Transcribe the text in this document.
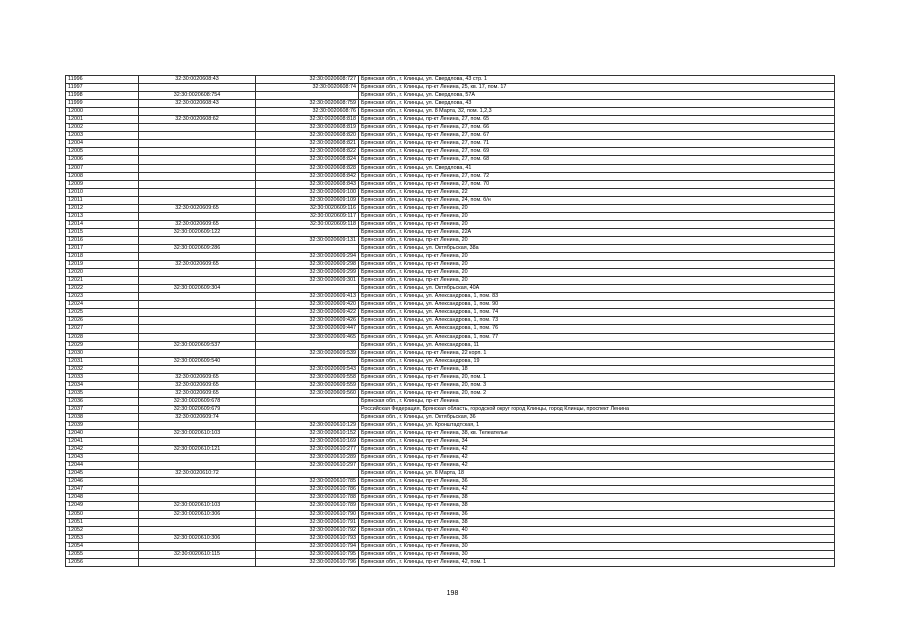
11996	32:30:0020608:43	32:30:0020608:727	Брянская обл., г. Клинцы, ул. Свердлова, 43 стр. 1
11997		32:30:0020608:74	Брянская обл., г. Клинцы, пр-кт Ленина, 25, кв. 17, пом. 17
11998	32:30:0020608:754		Брянская обл., г. Клинцы, ул. Свердлова, 57А
11999	32:30:0020608:43	32:30:0020608:759	Брянская обл., г. Клинцы, ул. Свердлова, 43
12000		32:30:0020608:76	Брянская обл., г. Клинцы, ул. 8 Марта, 32, пом. 1,2,3
12001	32:30:0020608:62	32:30:0020608:818	Брянская обл., г. Клинцы, пр-кт Ленина, 27, пом. 65
12002		32:30:0020608:819	Брянская обл., г. Клинцы, пр-кт Ленина, 27, пом. 66
12003		32:30:0020608:820	Брянская обл., г. Клинцы, пр-кт Ленина, 27, пом. 67
12004		32:30:0020608:821	Брянская обл., г. Клинцы, пр-кт Ленина, 27, пом. 71
12005		32:30:0020608:822	Брянская обл., г. Клинцы, пр-кт Ленина, 27, пом. 69
12006		32:30:0020608:824	Брянская обл., г. Клинцы, пр-кт Ленина, 27, пом. 68
12007		32:30:0020608:828	Брянская обл., г. Клинцы, ул. Свердлова, 41
12008		32:30:0020608:842	Брянская обл., г. Клинцы, пр-кт Ленина, 27, пом. 72
12009		32:30:0020608:843	Брянская обл., г. Клинцы, пр-кт Ленина, 27, пом. 70
12010		32:30:0020609:100	Брянская обл., г. Клинцы, пр-кт Ленина, 22
12011		32:30:0020609:109	Брянская обл., г. Клинцы, пр-кт Ленина, 24, пом. б/н
12012	32:30:0020609:65	32:30:0020609:116	Брянская обл., г. Клинцы, пр-кт Ленина, 20
12013		32:30:0020609:117	Брянская обл., г. Клинцы, пр-кт Ленина, 20
12014	32:30:0020609:65	32:30:0020609:118	Брянская обл., г. Клинцы, пр-кт Ленина, 20
12015	32:30:0020609:122		Брянская обл., г. Клинцы, пр-кт Ленина, 22А
12016		32:30:0020609:131	Брянская обл., г. Клинцы, пр-кт Ленина, 20
12017	32:30:0020609:286		Брянская обл., г. Клинцы, ул. Октябрьская, 38а
12018		32:30:0020609:294	Брянская обл., г. Клинцы, пр-кт Ленина, 20
12019	32:30:0020609:65	32:30:0020609:298	Брянская обл., г. Клинцы, пр-кт Ленина, 20
12020		32:30:0020609:299	Брянская обл., г. Клинцы, пр-кт Ленина, 20
12021		32:30:0020609:301	Брянская обл., г. Клинцы, пр-кт Ленина, 20
12022	32:30:0020609:304		Брянская обл., г. Клинцы, ул. Октябрьская, 40А
12023		32:30:0020609:413	Брянская обл., г. Клинцы, ул. Александрова, 1, пом. 83
12024		32:30:0020609:420	Брянская обл., г. Клинцы, ул. Александрова, 1, пом. 90
12025		32:30:0020609:422	Брянская обл., г. Клинцы, ул. Александрова, 1, пом. 74
12026		32:30:0020609:426	Брянская обл., г. Клинцы, ул. Александрова, 1, пом. 73
12027		32:30:0020609:447	Брянская обл., г. Клинцы, ул. Александрова, 1, пом. 76
12028		32:30:0020609:465	Брянская обл., г. Клинцы, ул. Александрова, 1, пом. 77
12029	32:30:0020609:537		Брянская обл., г. Клинцы, ул. Александрова, 11
12030		32:30:0020609:539	Брянская обл., г. Клинцы, пр-кт Ленина, 22 корп. 1
12031	32:30:0020609:540		Брянская обл., г. Клинцы, ул. Александрова, 19
12032		32:30:0020609:543	Брянская обл., г. Клинцы, пр-кт Ленина, 18
12033	32:30:0020609:65	32:30:0020609:558	Брянская обл., г. Клинцы, пр-кт Ленина, 20, пом. 1
12034	32:30:0020609:65	32:30:0020609:559	Брянская обл., г. Клинцы, пр-кт Ленина, 20, пом. 3
12035	32:30:0020609:65	32:30:0020609:560	Брянская обл., г. Клинцы, пр-кт Ленина, 20, пом. 2
12036	32:30:0020609:678		Брянская обл., г. Клинцы, пр-кт Ленина
12037	32:30:0020609:679		Российская Федерация, Брянская область, городской округ город Клинцы, город Клинцы, проспект Ленина
12038	32:30:0020609:74		Брянская обл., г. Клинцы, ул. Октябрьская, 36
12039		32:30:0020610:129	Брянская обл., г. Клинцы, ул. Кронштадтская, 1
12040	32:30:0020610:103	32:30:0020610:152	Брянская обл., г. Клинцы, пр-кт Ленина, 38, кв. Телеателье
12041		32:30:0020610:169	Брянская обл., г. Клинцы, пр-кт Ленина, 34
12042	32:30:0020610:121	32:30:0020610:277	Брянская обл., г. Клинцы, пр-кт Ленина, 42
12043		32:30:0020610:289	Брянская обл., г. Клинцы, пр-кт Ленина, 42
12044		32:30:0020610:297	Брянская обл., г. Клинцы, пр-кт Ленина, 42
12045	32:30:0020610:72		Брянская обл., г. Клинцы, ул. 8 Марта, 18
12046		32:30:0020610:785	Брянская обл., г. Клинцы, пр-кт Ленина, 36
12047		32:30:0020610:786	Брянская обл., г. Клинцы, пр-кт Ленина, 42
12048		32:30:0020610:788	Брянская обл., г. Клинцы, пр-кт Ленина, 38
12049	32:30:0020610:103	32:30:0020610:789	Брянская обл., г. Клинцы, пр-кт Ленина, 38
12050	32:30:0020610:306	32:30:0020610:790	Брянская обл., г. Клинцы, пр-кт Ленина, 36
12051		32:30:0020610:791	Брянская обл., г. Клинцы, пр-кт Ленина, 38
12052		32:30:0020610:792	Брянская обл., г. Клинцы, пр-кт Ленина, 40
12053	32:30:0020610:306	32:30:0020610:793	Брянская обл., г. Клинцы, пр-кт Ленина, 36
12054		32:30:0020610:794	Брянская обл., г. Клинцы, пр-кт Ленина, 30
12055	32:30:0020610:115	32:30:0020610:795	Брянская обл., г. Клинцы, пр-кт Ленина, 30
12056		32:30:0020610:796	Брянская обл., г. Клинцы, пр-кт Ленина, 42, пом. 1
198
